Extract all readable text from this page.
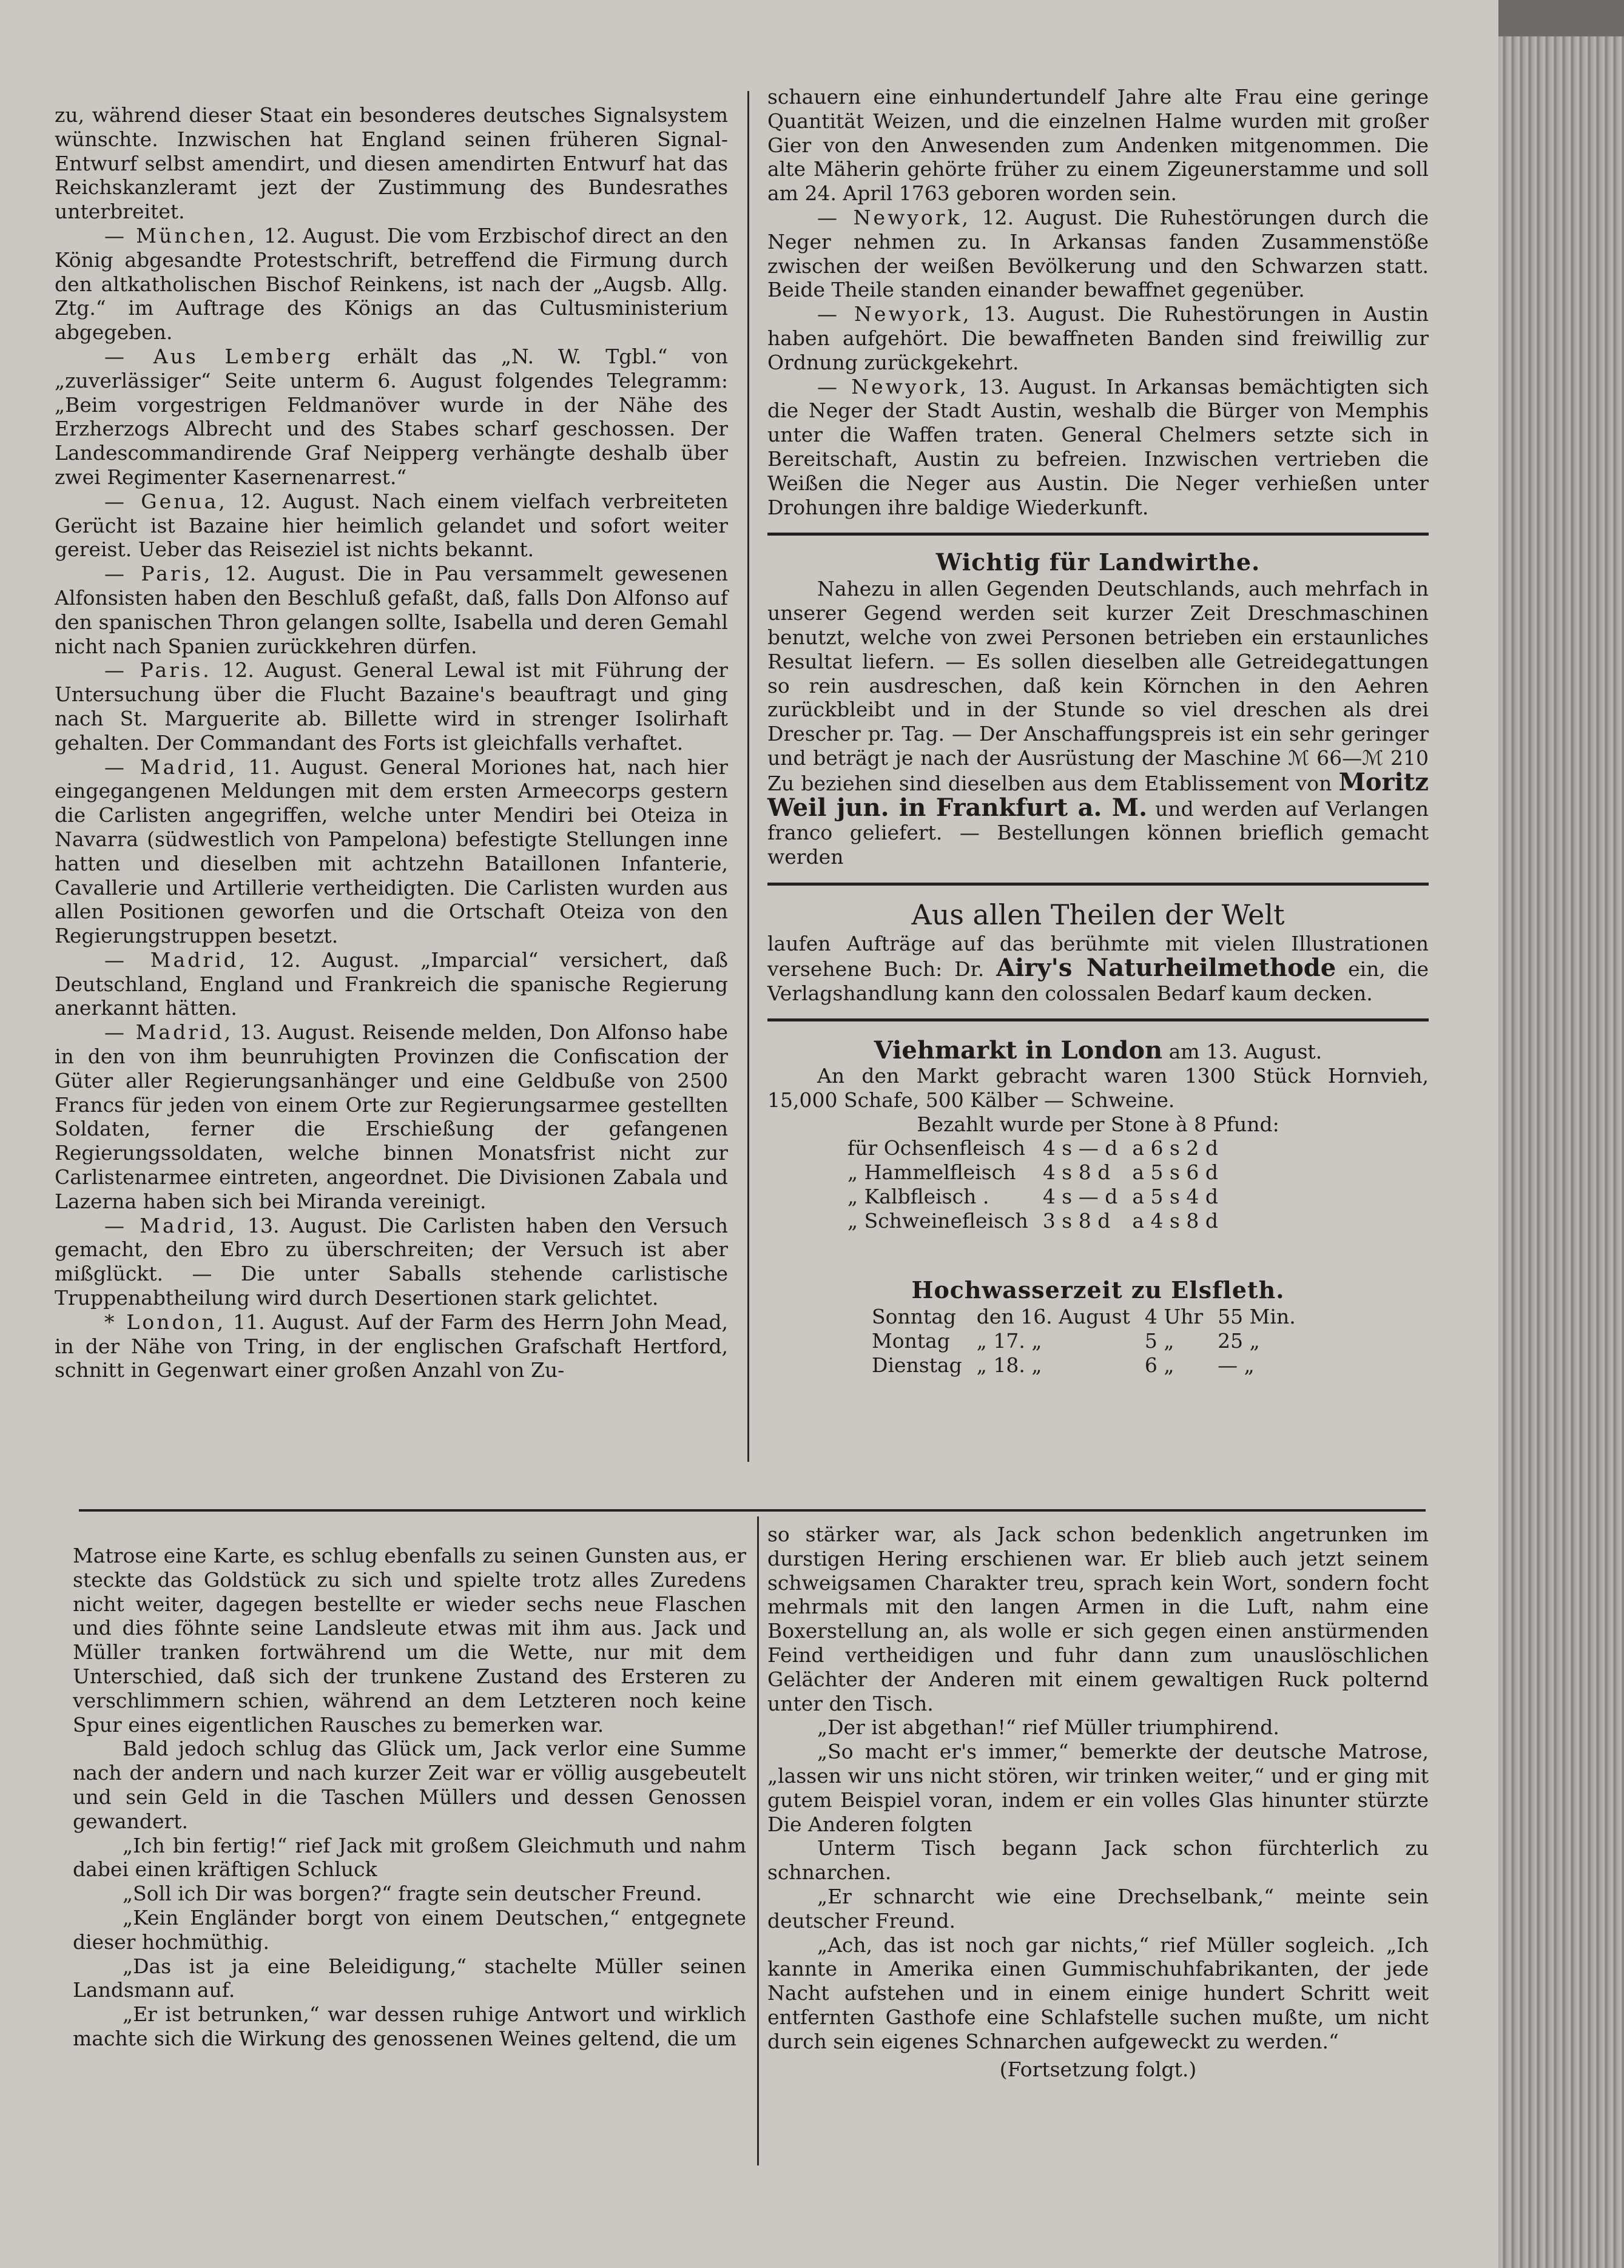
zu, während dieser Staat ein besonderes deutsches Signalsystem wünschte. Inzwischen hat England seinen früheren Signal-Entwurf selbst amendirt, und diesen amendirten Entwurf hat das Reichskanzleramt jezt der Zustimmung des Bundesrathes unterbreitet.

— München, 12. August. Die vom Erzbischof direct an den König abgesandte Protestschrift, betreffend die Firmung durch den altkatholischen Bischof Reinkens, ist nach der „Augsb. Allg. Ztg.“ im Auftrage des Königs an das Cultusministerium abgegeben.

— Aus Lemberg erhält das „N. W. Tgbl.“ von „zuverlässiger“ Seite unterm 6. August folgendes Telegramm: „Beim vorgestrigen Feldmanöver wurde in der Nähe des Erzherzogs Albrecht und des Stabes scharf geschossen. Der Landescommandirende Graf Neipperg verhängte deshalb über zwei Regimenter Kasernenarrest.“

— Genua, 12. August. Nach einem vielfach verbreiteten Gerücht ist Bazaine hier heimlich gelandet und sofort weiter gereist. Ueber das Reiseziel ist nichts bekannt.

— Paris, 12. August. Die in Pau versammelt gewesenen Alfonsisten haben den Beschluß gefaßt, daß, falls Don Alfonso auf den spanischen Thron gelangen sollte, Isabella und deren Gemahl nicht nach Spanien zurückkehren dürfen.

— Paris. 12. August. General Lewal ist mit Führung der Untersuchung über die Flucht Bazaine's beauftragt und ging nach St. Marguerite ab. Billette wird in strenger Isolirhaft gehalten. Der Commandant des Forts ist gleichfalls verhaftet.

— Madrid, 11. August. General Moriones hat, nach hier eingegangenen Meldungen mit dem ersten Armeecorps gestern die Carlisten angegriffen, welche unter Mendiri bei Oteiza in Navarra (südwestlich von Pampelona) befestigte Stellungen inne hatten und dieselben mit achtzehn Bataillonen Infanterie, Cavallerie und Artillerie vertheidigten. Die Carlisten wurden aus allen Positionen geworfen und die Ortschaft Oteiza von den Regierungstruppen besetzt.

— Madrid, 12. August. „Imparcial“ versichert, daß Deutschland, England und Frankreich die spanische Regierung anerkannt hätten.

— Madrid, 13. August. Reisende melden, Don Alfonso habe in den von ihm beunruhigten Provinzen die Confiscation der Güter aller Regierungsanhänger und eine Geldbuße von 2500 Francs für jeden von einem Orte zur Regierungsarmee gestellten Soldaten, ferner die Erschießung der gefangenen Regierungssoldaten, welche binnen Monatsfrist nicht zur Carlistenarmee eintreten, angeordnet. Die Divisionen Zabala und Lazerna haben sich bei Miranda vereinigt.

— Madrid, 13. August. Die Carlisten haben den Versuch gemacht, den Ebro zu überschreiten; der Versuch ist aber mißglückt. — Die unter Saballs stehende carlistische Truppenabtheilung wird durch Desertionen stark gelichtet.

* London, 11. August. Auf der Farm des Herrn John Mead, in der Nähe von Tring, in der englischen Grafschaft Hertford, schnitt in Gegenwart einer großen Anzahl von Zu-

schauern eine einhundertundelf Jahre alte Frau eine geringe Quantität Weizen, und die einzelnen Halme wurden mit großer Gier von den Anwesenden zum Andenken mitgenommen. Die alte Mäherin gehörte früher zu einem Zigeunerstamme und soll am 24. April 1763 geboren worden sein.

— Newyork, 12. August. Die Ruhestörungen durch die Neger nehmen zu. In Arkansas fanden Zusammenstöße zwischen der weißen Bevölkerung und den Schwarzen statt. Beide Theile standen einander bewaffnet gegenüber.

— Newyork, 13. August. Die Ruhestörungen in Austin haben aufgehört. Die bewaffneten Banden sind freiwillig zur Ordnung zurückgekehrt.

— Newyork, 13. August. In Arkansas bemächtigten sich die Neger der Stadt Austin, weshalb die Bürger von Memphis unter die Waffen traten. General Chelmers setzte sich in Bereitschaft, Austin zu befreien. Inzwischen vertrieben die Weißen die Neger aus Austin. Die Neger verhießen unter Drohungen ihre baldige Wiederkunft.

Wichtig für Landwirthe.

Nahezu in allen Gegenden Deutschlands, auch mehrfach in unserer Gegend werden seit kurzer Zeit Dreschmaschinen benutzt, welche von zwei Personen betrieben ein erstaunliches Resultat liefern. — Es sollen dieselben alle Getreidegattungen so rein ausdreschen, daß kein Körnchen in den Aehren zurückbleibt und in der Stunde so viel dreschen als drei Drescher pr. Tag. — Der Anschaffungspreis ist ein sehr geringer und beträgt je nach der Ausrüstung der Maschine ℳ 66—ℳ 210 Zu beziehen sind dieselben aus dem Etablissement von Moritz Weil jun. in Frankfurt a. M. und werden auf Verlangen franco geliefert. — Bestellungen können brieflich gemacht werden

Aus allen Theilen der Welt

laufen Aufträge auf das berühmte mit vielen Illustrationen versehene Buch: Dr. Airy's Naturheilmethode ein, die Verlagshandlung kann den colossalen Bedarf kaum decken.

Viehmarkt in London am 13. August.

An den Markt gebracht waren 1300 Stück Hornvieh, 15,000 Schafe, 500 Kälber — Schweine.

Bezahlt wurde per Stone à 8 Pfund:

für Ochsenfleisch	4 s — d	a 6 s 2 d
„ Hammelfleisch	4 s 8 d	a 5 s 6 d
„ Kalbfleisch .	4 s — d	a 5 s 4 d
„ Schweinefleisch	3 s 8 d	a 4 s 8 d
Hochwasserzeit zu Elsfleth.
Sonntag	den 16. August	4 Uhr	55 Min.
Montag	„ 17. „	5 „	25 „
Dienstag	„ 18. „	6 „	— „

Matrose eine Karte, es schlug ebenfalls zu seinen Gunsten aus, er steckte das Goldstück zu sich und spielte trotz alles Zuredens nicht weiter, dagegen bestellte er wieder sechs neue Flaschen und dies föhnte seine Landsleute etwas mit ihm aus. Jack und Müller tranken fortwährend um die Wette, nur mit dem Unterschied, daß sich der trunkene Zustand des Ersteren zu verschlimmern schien, während an dem Letzteren noch keine Spur eines eigentlichen Rausches zu bemerken war.

Bald jedoch schlug das Glück um, Jack verlor eine Summe nach der andern und nach kurzer Zeit war er völlig ausgebeutelt und sein Geld in die Taschen Müllers und dessen Genossen gewandert.

„Ich bin fertig!“ rief Jack mit großem Gleichmuth und nahm dabei einen kräftigen Schluck

„Soll ich Dir was borgen?“ fragte sein deutscher Freund.

„Kein Engländer borgt von einem Deutschen,“ entgegnete dieser hochmüthig.

„Das ist ja eine Beleidigung,“ stachelte Müller seinen Landsmann auf.

„Er ist betrunken,“ war dessen ruhige Antwort und wirklich machte sich die Wirkung des genossenen Weines geltend, die um

so stärker war, als Jack schon bedenklich angetrunken im durstigen Hering erschienen war. Er blieb auch jetzt seinem schweigsamen Charakter treu, sprach kein Wort, sondern focht mehrmals mit den langen Armen in die Luft, nahm eine Boxerstellung an, als wolle er sich gegen einen anstürmenden Feind vertheidigen und fuhr dann zum unauslöschlichen Gelächter der Anderen mit einem gewaltigen Ruck polternd unter den Tisch.

„Der ist abgethan!“ rief Müller triumphirend.

„So macht er's immer,“ bemerkte der deutsche Matrose, „lassen wir uns nicht stören, wir trinken weiter,“ und er ging mit gutem Beispiel voran, indem er ein volles Glas hinunter stürzte Die Anderen folgten

Unterm Tisch begann Jack schon fürchterlich zu schnarchen.

„Er schnarcht wie eine Drechselbank,“ meinte sein deutscher Freund.

„Ach, das ist noch gar nichts,“ rief Müller sogleich. „Ich kannte in Amerika einen Gummischuhfabrikanten, der jede Nacht aufstehen und in einem einige hundert Schritt weit entfernten Gasthofe eine Schlafstelle suchen mußte, um nicht durch sein eigenes Schnarchen aufgeweckt zu werden.“

(Fortsetzung folgt.)
